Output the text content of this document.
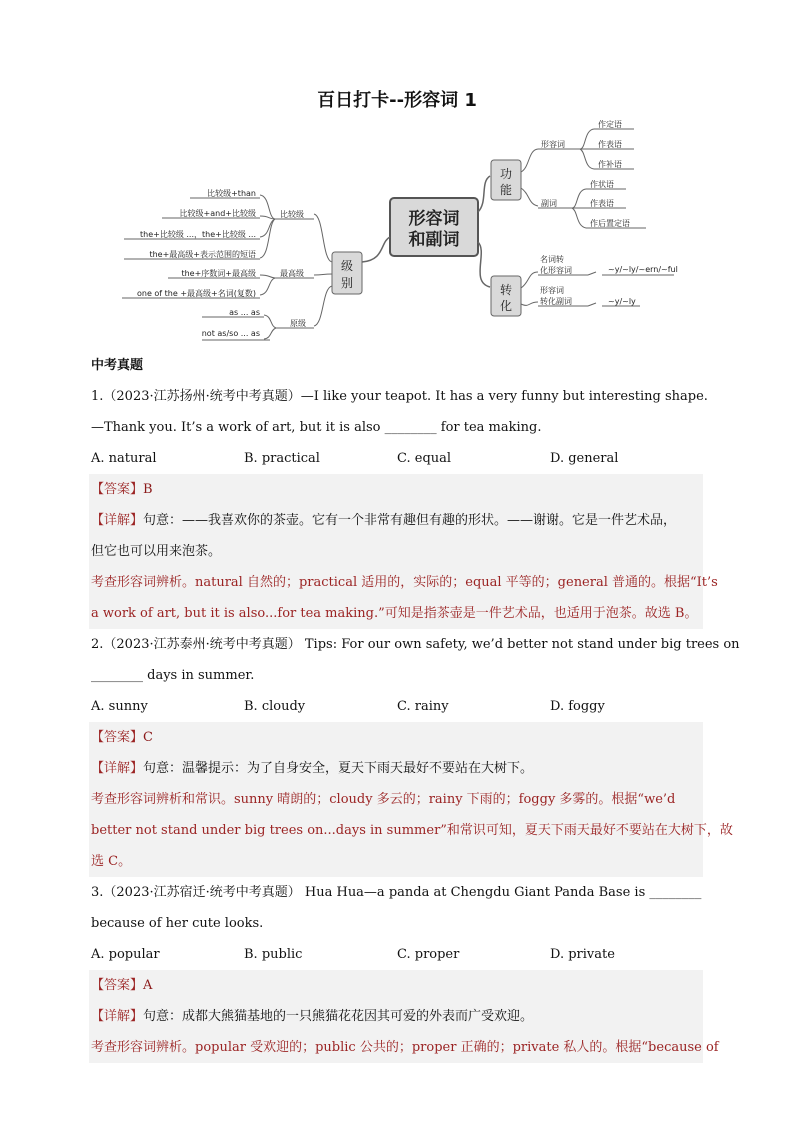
百日打卡--形容词 1
形容词
和副词
功
能
形容词
作定语
作表语
作补语
副词
作状语
作表语
作后置定语
转
化
名词转
化形容词	~y/~ly/~ern/~ful
形容词
转化副词	~y/~ly
级
别
比较级
比较级+than
比较级+and+比较级
the+比较级 ...，the+比较级 ...
the+最高级+表示范围的短语
最高级
the+序数词+最高级
one of the +最高级+名词(复数)
原级
as ... as
not as/so ... as
中考真题
1.（2023·江苏扬州·统考中考真题）—I like your teapot. It has a very funny but interesting shape.
—Thank you. It’s a work of art, but it is also ________ for tea making.
A. natural	B. practical	C. equal	D. general
【答案】B
【详解】句意：——我喜欢你的茶壶。它有一个非常有趣但有趣的形状。——谢谢。它是一件艺术品，
但它也可以用来泡茶。
考查形容词辨析。natural 自然的；practical 适用的，实际的；equal 平等的；general 普通的。根据“It’s
a work of art, but it is also...for tea making.”可知是指茶壶是一件艺术品，也适用于泡茶。故选 B。
2.（2023·江苏泰州·统考中考真题） Tips: For our own safety, we’d better not stand under big trees on
________ days in summer.
A. sunny	B. cloudy	C. rainy	D. foggy
【答案】C
【详解】句意：温馨提示：为了自身安全，夏天下雨天最好不要站在大树下。
考查形容词辨析和常识。sunny 晴朗的；cloudy 多云的；rainy 下雨的；foggy 多雾的。根据“we’d
better not stand under big trees on...days in summer”和常识可知，夏天下雨天最好不要站在大树下，故
选 C。
3.（2023·江苏宿迁·统考中考真题） Hua Hua—a panda at Chengdu Giant Panda Base is ________
because of her cute looks.
A. popular	B. public	C. proper	D. private
【答案】A
【详解】句意：成都大熊猫基地的一只熊猫花花因其可爱的外表而广受欢迎。
考查形容词辨析。popular 受欢迎的；public 公共的；proper 正确的；private 私人的。根据“because of
